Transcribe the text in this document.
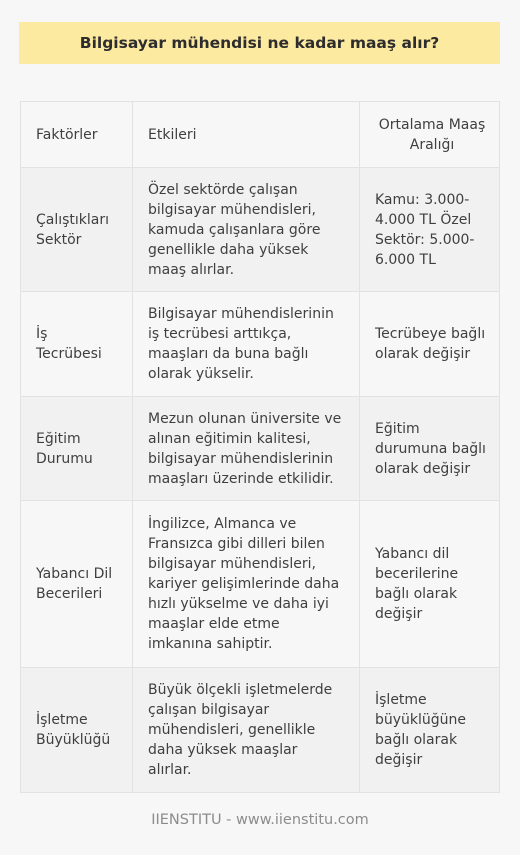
Bilgisayar mühendisi ne kadar maaş alır?
Faktörler	Etkileri	Ortalama Maaş Aralığı
Çalıştıkları Sektör	Özel sektörde çalışan bilgisayar mühendisleri, kamuda çalışanlara göre genellikle daha yüksek maaş alırlar.	Kamu: 3.000-4.000 TL Özel Sektör: 5.000-6.000 TL
İş Tecrübesi	Bilgisayar mühendislerinin iş tecrübesi arttıkça, maaşları da buna bağlı olarak yükselir.	Tecrübeye bağlı olarak değişir
Eğitim Durumu	Mezun olunan üniversite ve alınan eğitimin kalitesi, bilgisayar mühendislerinin maaşları üzerinde etkilidir.	Eğitim durumuna bağlı olarak değişir
Yabancı Dil Becerileri	İngilizce, Almanca ve Fransızca gibi dilleri bilen bilgisayar mühendisleri, kariyer gelişimlerinde daha hızlı yükselme ve daha iyi maaşlar elde etme imkanına sahiptir.	Yabancı dil becerilerine bağlı olarak değişir
İşletme Büyüklüğü	Büyük ölçekli işletmelerde çalışan bilgisayar mühendisleri, genellikle daha yüksek maaşlar alırlar.	İşletme büyüklüğüne bağlı olarak değişir
IIENSTITU - www.iienstitu.com
